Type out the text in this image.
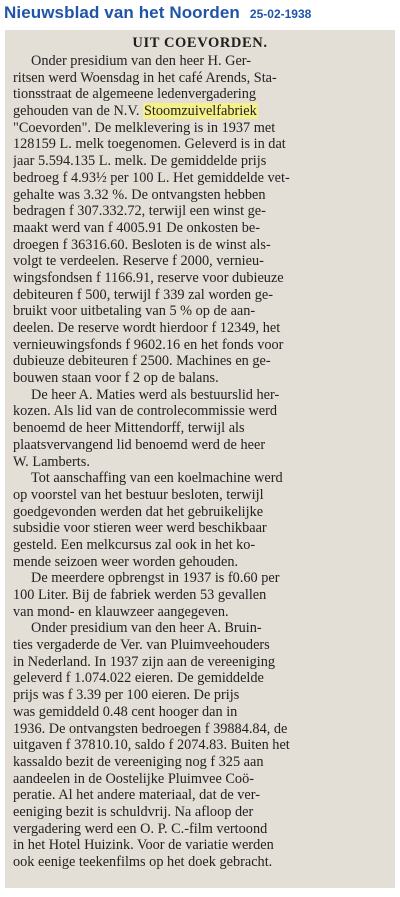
Nieuwsblad van het Noorden 25-02-1938
UIT COEVORDEN.
Onder presidium van den heer H. Ger-
ritsen werd Woensdag in het café Arends, Sta-
tionsstraat de algemeene ledenvergadering
gehouden van de N.V. Stoomzuivelfabriek
"Coevorden". De melklevering is in 1937 met
128159 L. melk toegenomen. Geleverd is in dat
jaar 5.594.135 L. melk. De gemiddelde prijs
bedroeg f 4.93½ per 100 L. Het gemiddelde vet-
gehalte was 3.32 %. De ontvangsten hebben
bedragen f 307.332.72, terwijl een winst ge-
maakt werd van f 4005.91 De onkosten be-
droegen f 36316.60. Besloten is de winst als-
volgt te verdeelen. Reserve f 2000, vernieu-
wingsfondsen f 1166.91, reserve voor dubieuze
debiteuren f 500, terwijl f 339 zal worden ge-
bruikt voor uitbetaling van 5 % op de aan-
deelen. De reserve wordt hierdoor f 12349, het
vernieuwingsfonds f 9602.16 en het fonds voor
dubieuze debiteuren f 2500. Machines en ge-
bouwen staan voor f 2 op de balans.
De heer A. Maties werd als bestuurslid her-
kozen. Als lid van de controlecommissie werd
benoemd de heer Mittendorff, terwijl als
plaatsvervangend lid benoemd werd de heer
W. Lamberts.
Tot aanschaffing van een koelmachine werd
op voorstel van het bestuur besloten, terwijl
goedgevonden werden dat het gebruikelijke
subsidie voor stieren weer werd beschikbaar
gesteld. Een melkcursus zal ook in het ko-
mende seizoen weer worden gehouden.
De meerdere opbrengst in 1937 is f0.60 per
100 Liter. Bij de fabriek werden 53 gevallen
van mond- en klauwzeer aangegeven.
Onder presidium van den heer A. Bruin-
ties vergaderde de Ver. van Pluimveehouders
in Nederland. In 1937 zijn aan de vereeniging
geleverd f 1.074.022 eieren. De gemiddelde
prijs was f 3.39 per 100 eieren. De prijs
was gemiddeld 0.48 cent hooger dan in
1936. De ontvangsten bedroegen f 39884.84, de
uitgaven f 37810.10, saldo f 2074.83. Buiten het
kassaldo bezit de vereeniging nog f 325 aan
aandeelen in de Oostelijke Pluimvee Coö-
peratie. Al het andere materiaal, dat de ver-
eeniging bezit is schuldvrij. Na afloop der
vergadering werd een O. P. C.-film vertoond
in het Hotel Huizink. Voor de variatie werden
ook eenige teekenfilms op het doek gebracht.
